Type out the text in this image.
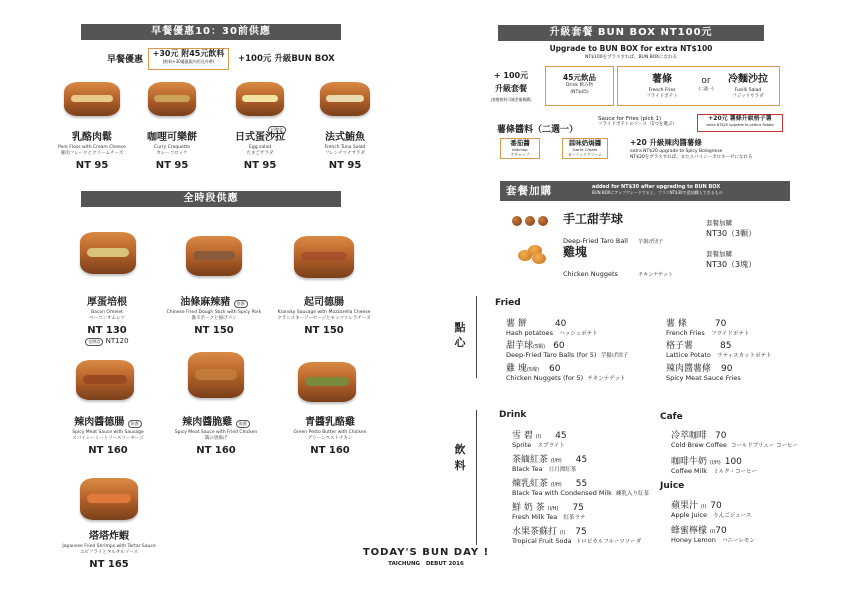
早餐優惠10：30前供應
早餐優惠
+30元 附45元飲料
(飲料+30優惠限內用及外帶)	+100元 升級BUN BOX
招牌款
乳酪肉鬆
Pork Floss with Cream Cheese
豚肉フレークとクリームチーズ
NT 95
咖哩可樂餅
Curry Croquette
カレーコロッケ
NT 95
日式蛋沙拉
Egg salad
たまごサラダ
NT 95
法式鮪魚
French Tuna Salad
フレンチツナサラダ
NT 95
全時段供應
厚蛋培根
Bacon Omelet
ベーコンオムレツ
NT 130
招牌款 NT120
油條麻辣豬 推薦
Chinese Fried Dough Stick with Spicy Pork
激辛ポークと揚げパン
NT 150
起司德腸
Kransky Sausage with Mozzarella Cheese
クランスキーソーセージとモッツァレラチーズ
NT 150
辣肉醬德腸 推薦
Spicy Meat Sauce with Sausage
スパイシーミートソースソーセージ
NT 160
辣肉醬脆雞 推薦
Spicy Meat Sauce with Fried Chicken
鶏の唐揚げ
NT 160
青醬乳酪雞
Green Pesto Butter with Chicken
グリーンペストチキン
NT 160
塔塔炸蝦
Japanese Fried Shrimps with Tartar Sauce
エビフライとタルタルソース
NT 165
升級套餐 BUN BOX NT100元
Upgrade to BUN BOX for extra NT$100
NT$100をプラスすれば、BUN BOXになれる
+ 100元
升級套餐
(套餐飲料可補差額換購)
45元飲品
Drink 飲み物
(NT$45)
薯條
French Fries
フライドポテト
or
(二選一)
冷麵沙拉
Fusilli Salad
フジッリサラダ
薯條醬料（二選一）
Sauce for Fries (pick 1)
フライドポテトのソース（1つを選ぶ）
+20元 薯條升級格子薯
extra NT$20 upgrade to Lattice Potato
番茄醬
Ketchup
ケチャップ
蒜味奶焗醬
Garlic Cream
ガーリッククリーム
+20 升級辣肉醬薯條
extra NT$20 upgrade to Spicy Bolognese
NT$20をプラスすれば、またスパイシーボロネーゼになれる
套餐加購	added for NT$30 after upgrading to BUN BOX
BUN BOXにアップグレードすると、プラスNT$30で追加購入できるもの
手工甜芋球
Deep-Fried Taro Ball 芋揚げ団子
套餐加購
NT30（3顆）
雞塊
Chicken Nuggets	チキンナゲット
套餐加購
NT30（3塊）
點心
Fried
薯 餅	40
Hash potatoes ハッシュポテト
甜芋球(5顆) 60
Deep-Fried Taro Balls (for 5) 芋揚げ団子
雞 塊(5塊) 60
Chicken Nuggets (for 5) チキンナゲット
薯 條	70
French Fries フライドポテト
格子薯	85
Lattice Potato ラティスカットポテト
辣肉醬薯條 90
Spicy Meat Sauce Fries
飲料
Drink
雪 碧 (I) 45
Sprite スプライト
茶緬紅茶 (I/H) 45
Black Tea 日月潭紅茶
煉乳紅茶 (I/H) 55
Black Tea with Condensed Milk 練乳入り紅茶
鮮 奶 茶 (I/H) 75
Fresh Milk Tea 紅茶ラテ
水果茶蘇打 (I) 75
Tropical Fruit Soda トロピカルフルーツソーダ
Cafe
冷萃咖啡 70
Cold Brew Coffee コールドブリュー コーヒー
咖啡牛奶 (I/H) 100
Coffee Milk ミルク・コーヒー
Juice
蘋果汁 (I) 70
Apple Juice りんごジュース
蜂蜜檸檬 (I)70
Honey Lemon ハニーレモン
TODAY'S BUN DAY !
TAICHUNG   DEBUT 2016
